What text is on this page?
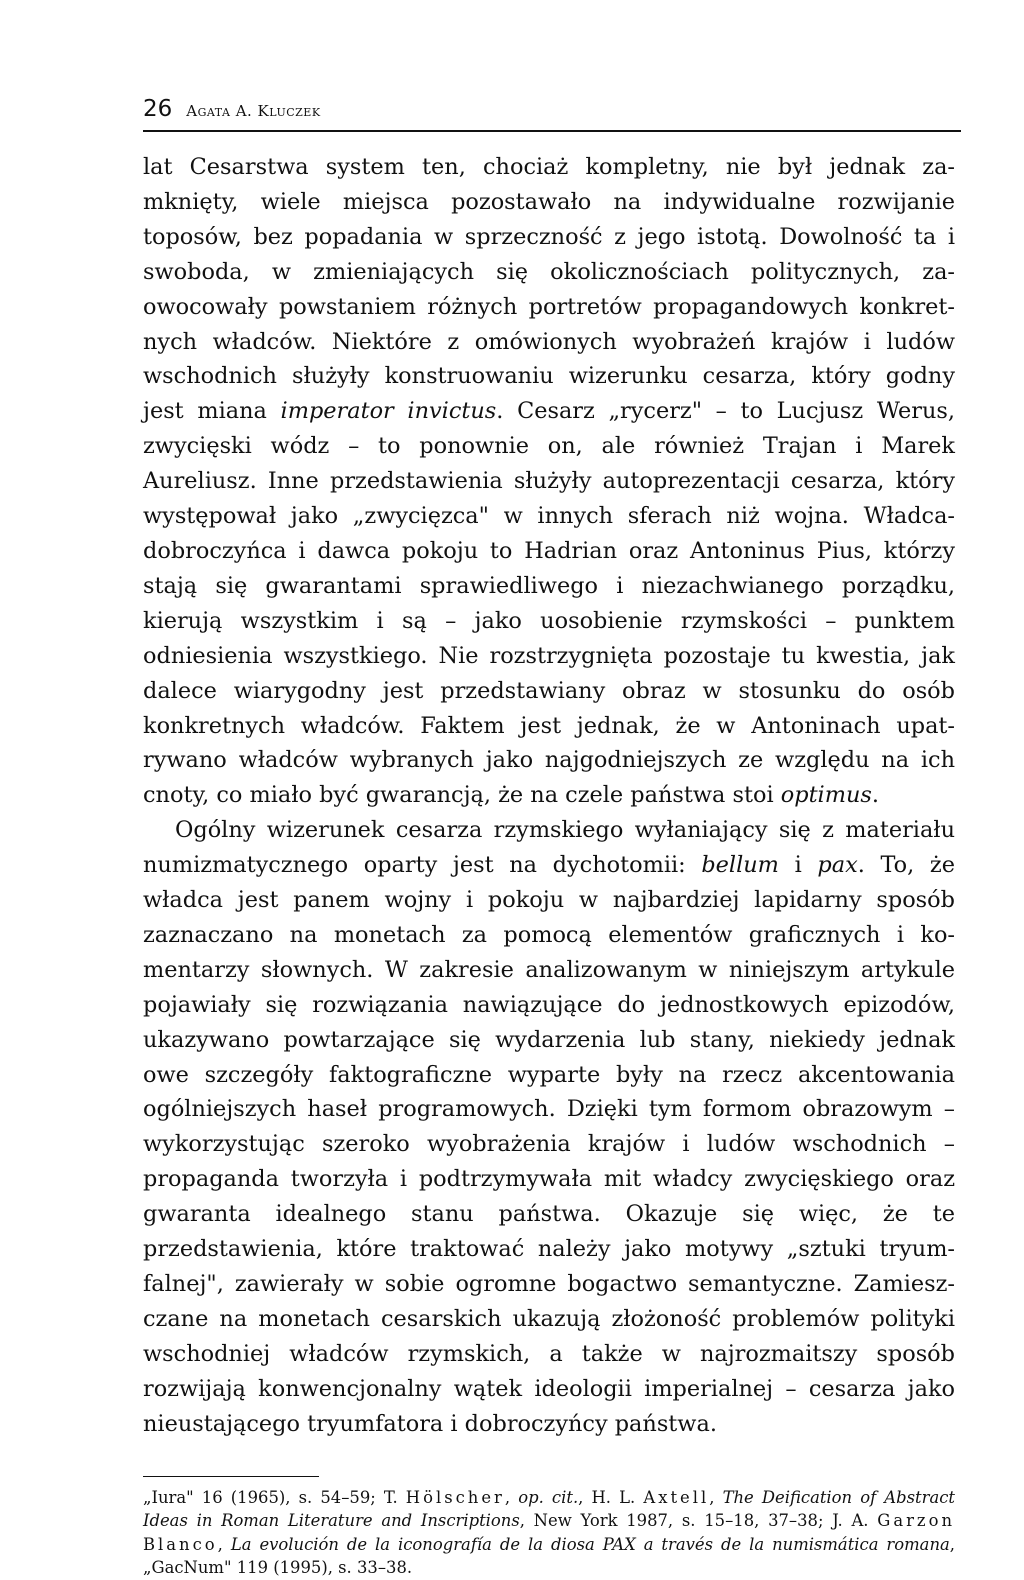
26 Agata A. Kluczek

lat Cesarstwa system ten, chociaż kompletny, nie był jednak za-mknięty, wiele miejsca pozostawało na indywidualne rozwijanie toposów, bez popadania w sprzeczność z jego istotą. Dowolność ta i swoboda, w zmieniających się okolicznościach politycznych, za-owocowały powstaniem różnych portretów propagandowych konkret-nych władców. Niektóre z omówionych wyobrażeń krajów i ludów wschodnich służyły konstruowaniu wizerunku cesarza, który godny jest miana imperator invictus. Cesarz „rycerz" – to Lucjusz Werus, zwycięski wódz – to ponownie on, ale również Trajan i Marek Aureliusz. Inne przedstawienia służyły autoprezentacji cesarza, który występował jako „zwycięzca" w innych sferach niż wojna. Władca-dobroczyńca i dawca pokoju to Hadrian oraz Antoninus Pius, którzy stają się gwarantami sprawiedliwego i niezachwianego porządku, kierują wszystkim i są – jako uosobienie rzymskości – punktem odniesienia wszystkiego. Nie rozstrzygnięta pozostaje tu kwestia, jak dalece wiarygodny jest przedstawiany obraz w stosunku do osób konkretnych władców. Faktem jest jednak, że w Antoninach upat-rywano władców wybranych jako najgodniejszych ze względu na ich cnoty, co miało być gwarancją, że na czele państwa stoi optimus.

Ogólny wizerunek cesarza rzymskiego wyłaniający się z materiału numizmatycznego oparty jest na dychotomii: bellum i pax. To, że władca jest panem wojny i pokoju w najbardziej lapidarny sposób zaznaczano na monetach za pomocą elementów graficznych i ko-mentarzy słownych. W zakresie analizowanym w niniejszym artykule pojawiały się rozwiązania nawiązujące do jednostkowych epizodów, ukazywano powtarzające się wydarzenia lub stany, niekiedy jednak owe szczegóły faktograficzne wyparte były na rzecz akcentowania ogólniejszych haseł programowych. Dzięki tym formom obrazowym – wykorzystując szeroko wyobrażenia krajów i ludów wschodnich – propaganda tworzyła i podtrzymywała mit władcy zwycięskiego oraz gwaranta idealnego stanu państwa. Okazuje się więc, że te przedstawienia, które traktować należy jako motywy „sztuki tryum-falnej", zawierały w sobie ogromne bogactwo semantyczne. Zamiesz-czane na monetach cesarskich ukazują złożoność problemów polityki wschodniej władców rzymskich, a także w najrozmaitszy sposób rozwijają konwencjonalny wątek ideologii imperialnej – cesarza jako nieustającego tryumfatora i dobroczyńcy państwa.

„Iura" 16 (1965), s. 54–59; T. Hölscher, op. cit., H. L. Axtell, The Deification of Abstract Ideas in Roman Literature and Inscriptions, New York 1987, s. 15–18, 37–38; J. A. Garzon Blanco, La evolución de la iconografía de la diosa PAX a través de la numismática romana, „GacNum" 119 (1995), s. 33–38.
